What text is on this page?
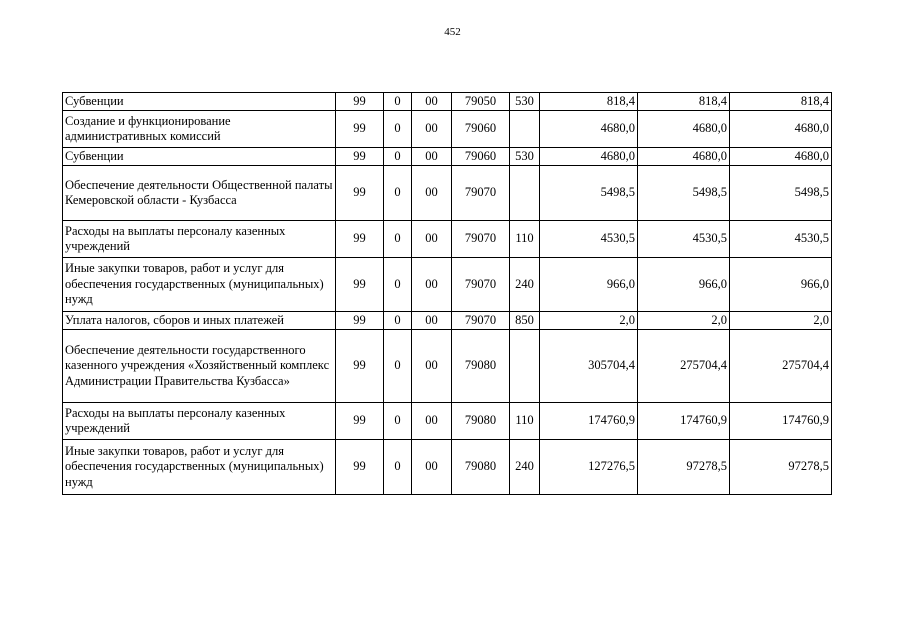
452
Субвенции	99	0	00	79050	530	818,4	818,4	818,4
Создание и функционирование административных комиссий	99	0	00	79060		4680,0	4680,0	4680,0
Субвенции	99	0	00	79060	530	4680,0	4680,0	4680,0
Обеспечение деятельности Общественной палаты Кемеровской области - Кузбасса	99	0	00	79070		5498,5	5498,5	5498,5
Расходы на выплаты персоналу казенных учреждений	99	0	00	79070	110	4530,5	4530,5	4530,5
Иные закупки товаров, работ и услуг для обеспечения государственных (муниципальных) нужд	99	0	00	79070	240	966,0	966,0	966,0
Уплата налогов, сборов и иных платежей	99	0	00	79070	850	2,0	2,0	2,0
Обеспечение деятельности государственного казенного учреждения «Хозяйственный комплекс Администрации Правительства Кузбасса»	99	0	00	79080		305704,4	275704,4	275704,4
Расходы на выплаты персоналу казенных учреждений	99	0	00	79080	110	174760,9	174760,9	174760,9
Иные закупки товаров, работ и услуг для обеспечения государственных (муниципальных) нужд	99	0	00	79080	240	127276,5	97278,5	97278,5
